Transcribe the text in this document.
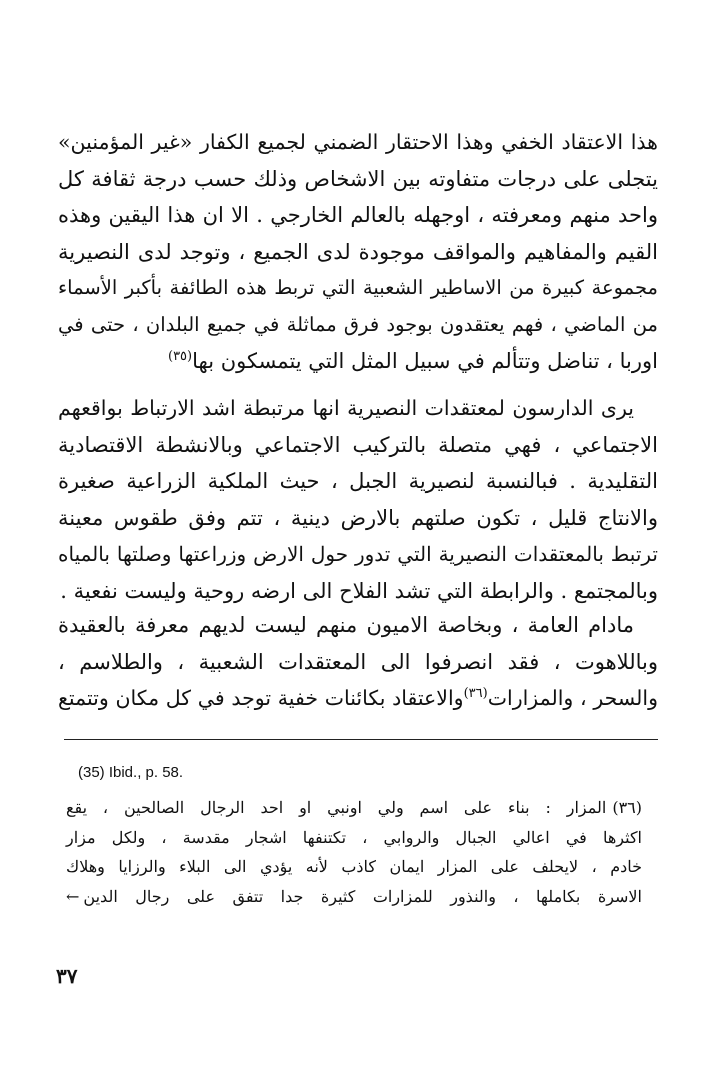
هذا الاعتقاد الخفي وهذا الاحتقار الضمني لجميع الكفار «غير المؤمنين»
يتجلى على درجات متفاوته بين الاشخاص وذلك حسب درجة ثقافة كل
واحد منهم ومعرفته ، اوجهله بالعالم الخارجي . الا ان هذا اليقين وهذه
القيم والمفاهيم والمواقف موجودة لدى الجميع ، وتوجد لدى النصيرية
مجموعة كبيرة من الاساطير الشعبية التي تربط هذه الطائفة بأكبر الأسماء
من الماضي ، فهم يعتقدون بوجود فرق مماثلة في جميع البلدان ، حتى في
اوربا ، تناضل وتتألم في سبيل المثل التي يتمسكون بها$^{(٣٥)}$
يرى الدارسون لمعتقدات النصيرية انها مرتبطة اشد الارتباط بواقعهم
الاجتماعي ، فهي متصلة بالتركيب الاجتماعي وبالانشطة الاقتصادية
التقليدية . فبالنسبة لنصيرية الجبل ، حيث الملكية الزراعية صغيرة
والانتاج قليل ، تكون صلتهم بالارض دينية ، تتم وفق طقوس معينة
ترتبط بالمعتقدات النصيرية التي تدور حول الارض وزراعتها وصلتها بالمياه
وبالمجتمع . والرابطة التي تشد الفلاح الى ارضه روحية وليست نفعية .
مادام العامة ، وبخاصة الاميون منهم ليست لديهم معرفة بالعقيدة
وباللاهوت ، فقد انصرفوا الى المعتقدات الشعبية ، والطلاسم ،
والسحر ، والمزارات$^{(٣٦)}$والاعتقاد بكائنات خفية توجد في كل مكان وتتمتع
(35) Ibid., p. 58.
(٣٦)المزار : بناء على اسم ولي اونبي او احد الرجال الصالحين ، يقع
اكثرها في اعالي الجبال والروابي ، تكتنفها اشجار مقدسة ، ولكل مزار
خادم ، لايحلف على المزار ايمان كاذب لأنه يؤدي الى البلاء والرزايا وهلاك
الاسرة بكاملها ، والنذور للمزارات كثيرة جدا تتفق على رجال الدين←
٣٧
